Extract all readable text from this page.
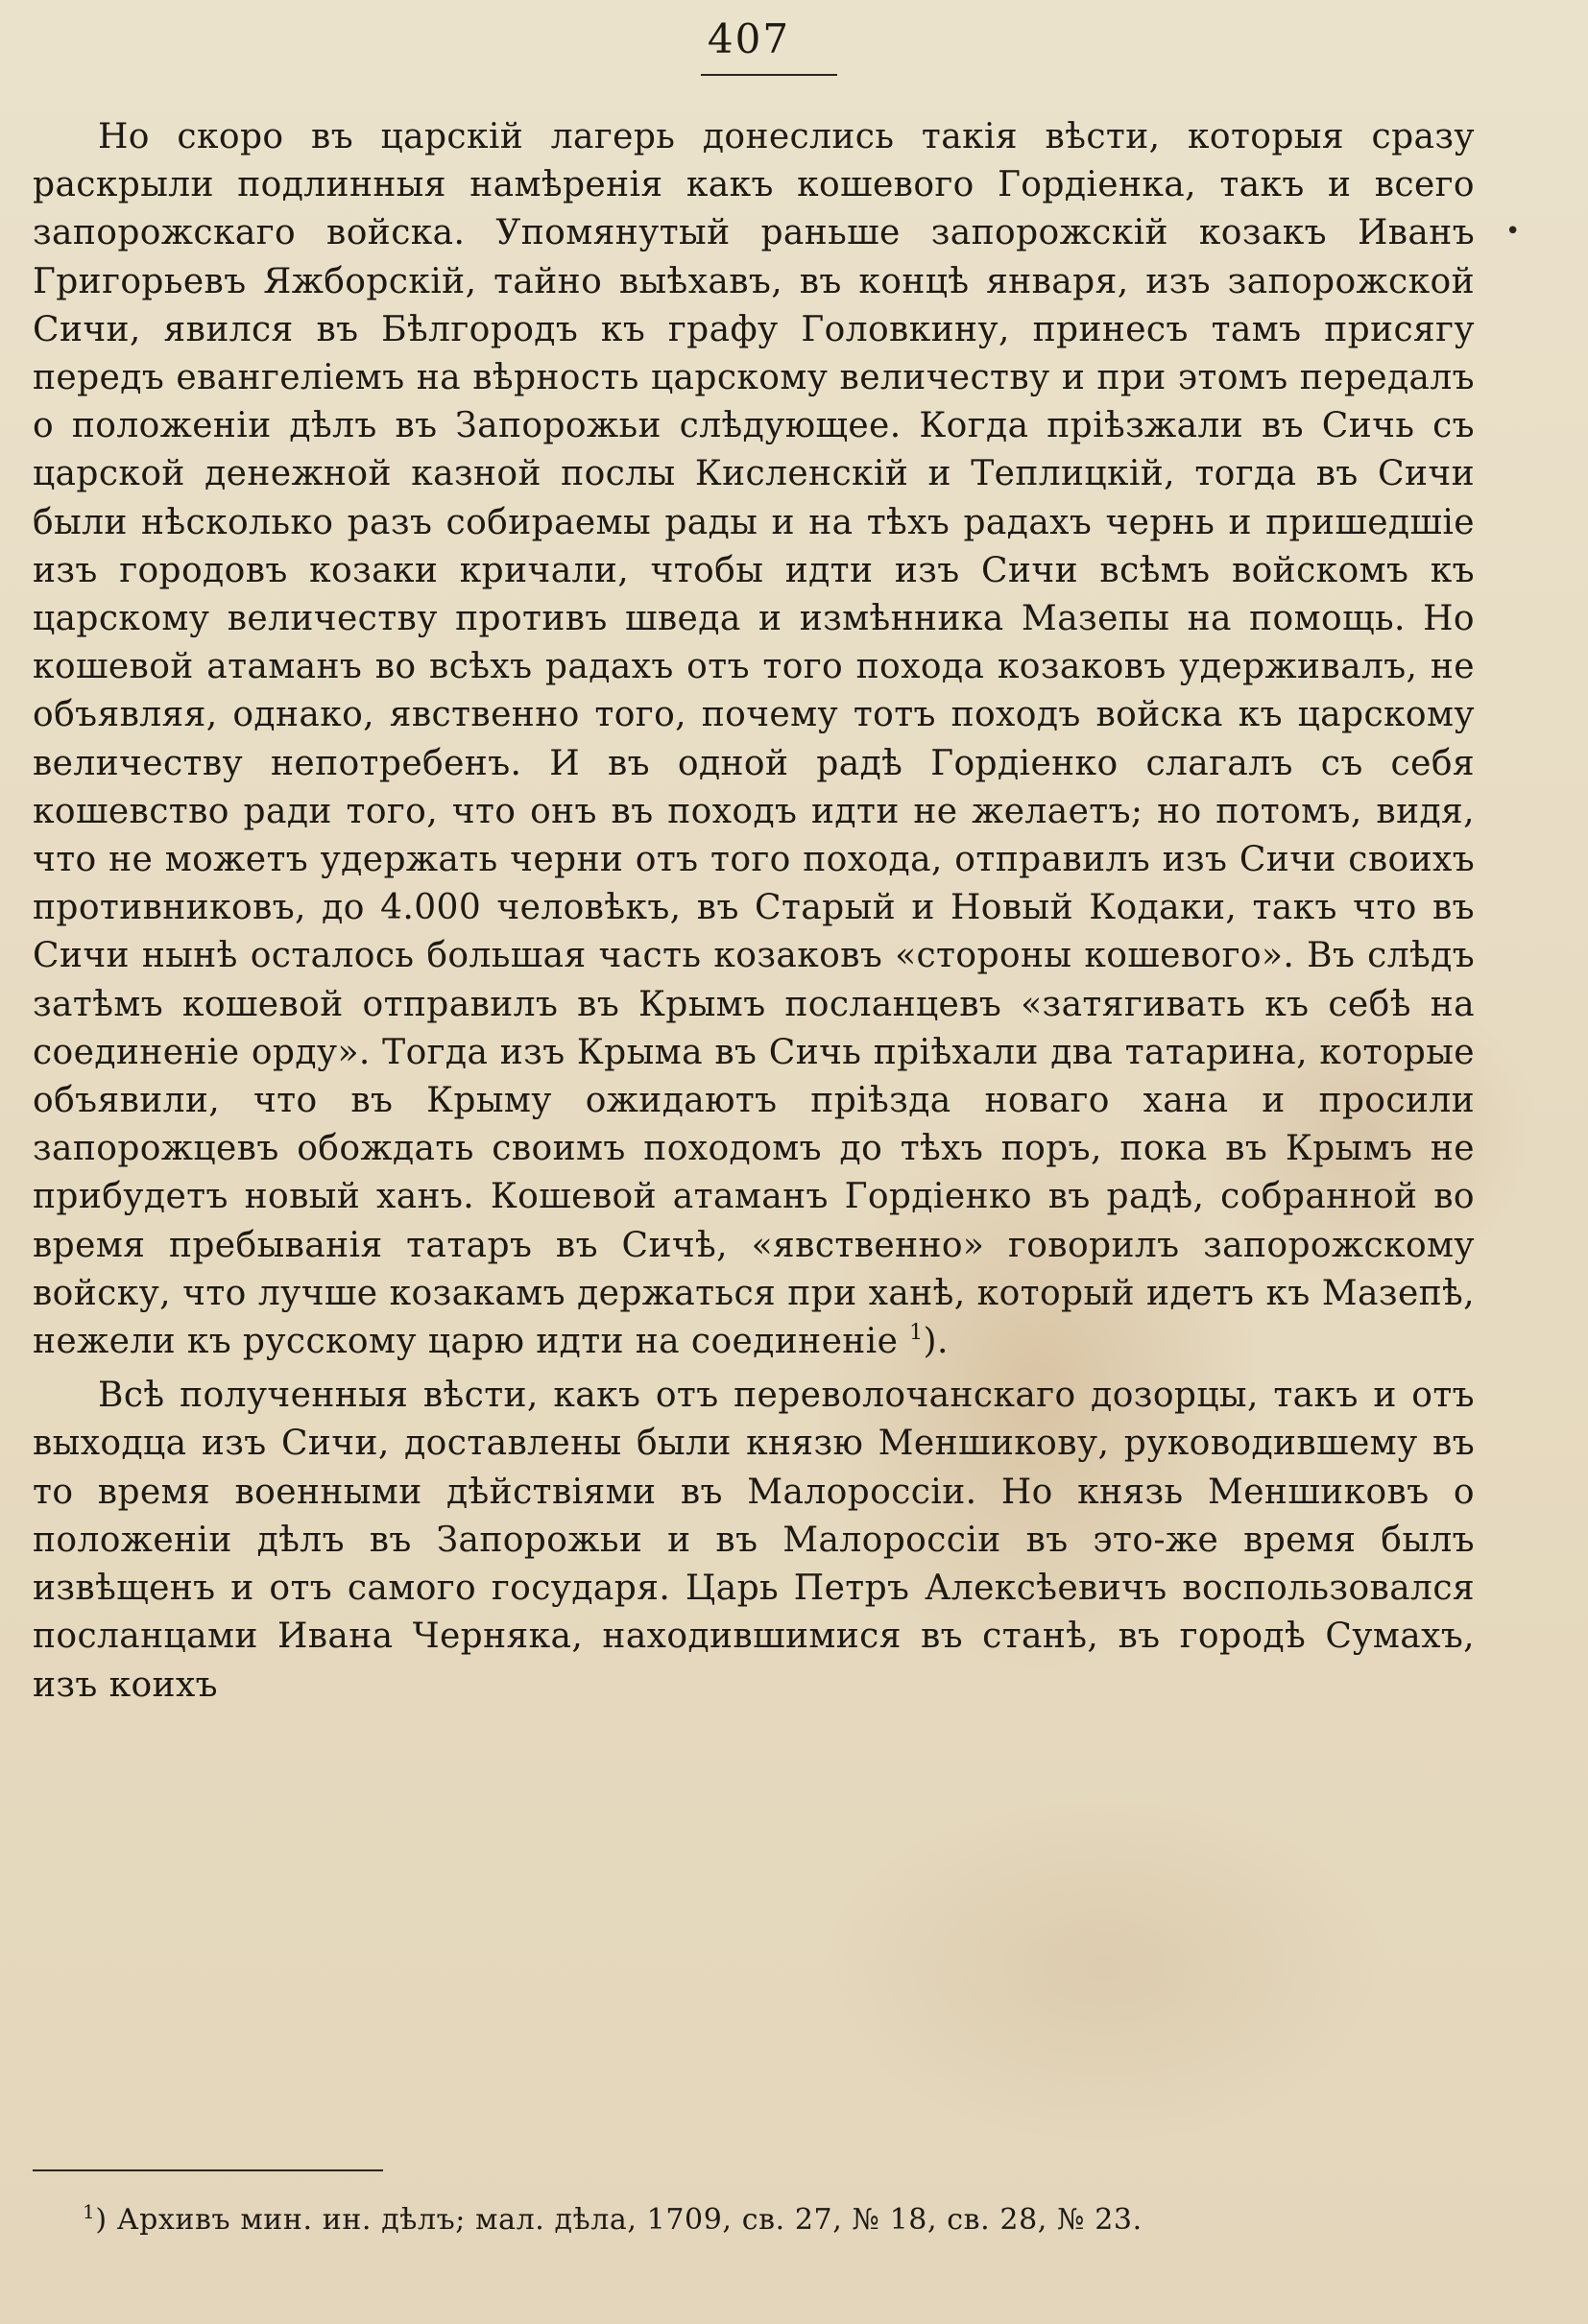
407
•

Но скоро въ царскій лагерь донеслись такія вѣсти, которыя сразу раскрыли подлинныя намѣренія какъ кошевого Гордіенка, такъ и всего запорожскаго войска. Упомянутый раньше запорожскій козакъ Иванъ Григорьевъ Яжборскій, тайно выѣхавъ, въ концѣ января, изъ запорожской Сичи, явился въ Бѣлгородъ къ графу Головкину, принесъ тамъ присягу передъ евангеліемъ на вѣрность царскому величеству и при этомъ передалъ о положеніи дѣлъ въ Запорожьи слѣдующее. Когда пріѣзжали въ Сичь съ царской денежной казной послы Кисленскій и Теплицкій, тогда въ Сичи были нѣсколько разъ собираемы рады и на тѣхъ радахъ чернь и пришедшіе изъ городовъ козаки кричали, чтобы идти изъ Сичи всѣмъ войскомъ къ царскому величеству противъ шведа и измѣнника Мазепы на помощь. Но кошевой атаманъ во всѣхъ радахъ отъ того похода козаковъ удерживалъ, не объявляя, однако, явственно того, почему тотъ походъ войска къ царскому величеству непотребенъ. И въ одной радѣ Гордіенко слагалъ съ себя кошевство ради того, что онъ въ походъ идти не желаетъ; но потомъ, видя, что не можетъ удержать черни отъ того похода, отправилъ изъ Сичи своихъ противниковъ, до 4.000 человѣкъ, въ Старый и Новый Кодаки, такъ что въ Сичи нынѣ осталось большая часть козаковъ «стороны кошевого». Въ слѣдъ затѣмъ кошевой отправилъ въ Крымъ посланцевъ «затягивать къ себѣ на соединеніе орду». Тогда изъ Крыма въ Сичь пріѣхали два татарина, которые объявили, что въ Крыму ожидаютъ пріѣзда новаго хана и просили запорожцевъ обождать своимъ походомъ до тѣхъ поръ, пока въ Крымъ не прибудетъ новый ханъ. Кошевой атаманъ Гордіенко въ радѣ, собранной во время пребыванія татаръ въ Сичѣ, «явственно» говорилъ запорожскому войску, что лучше козакамъ держаться при ханѣ, который идетъ къ Мазепѣ, нежели къ русскому царю идти на соединеніе $^1$).

Всѣ полученныя вѣсти, какъ отъ переволочанскаго дозорцы, такъ и отъ выходца изъ Сичи, доставлены были князю Меншикову, руководившему въ то время военными дѣйствіями въ Малороссіи. Но князь Меншиковъ о положеніи дѣлъ въ Запорожьи и въ Малороссіи въ это-же время былъ извѣщенъ и отъ самого государя. Царь Петръ Алексѣевичъ воспользовался посланцами Ивана Черняка, находившимися въ станѣ, въ городѣ Сумахъ, изъ коихъ

$^1$) Архивъ мин. ин. дѣлъ; мал. дѣла, 1709, св. 27, № 18, св. 28, № 23.
